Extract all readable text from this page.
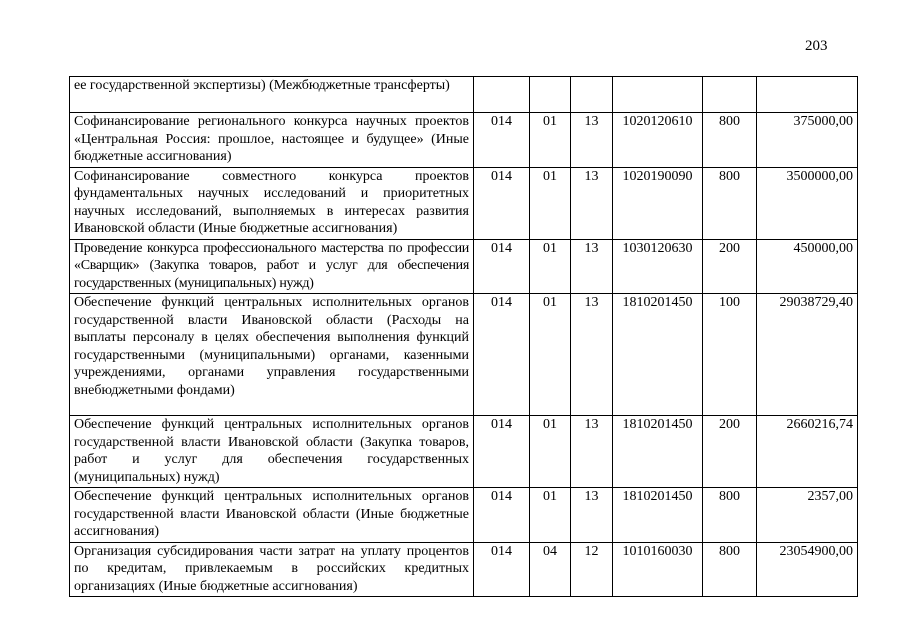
203
ее государственной экспертизы) (Межбюджетные трансферты)						
Софинансирование регионального конкурса научных проектов «Центральная Россия: прошлое, настоящее и будущее» (Иные бюджетные ассигнования)	014	01	13	1020120610	800	375000,00
Софинансирование совместного конкурса проектов фундаментальных научных исследований и приоритетных научных исследований, выполняемых в интересах развития Ивановской области (Иные бюджетные ассигнования)	014	01	13	1020190090	800	3500000,00
Проведение конкурса профессионального мастерства по профессии «Сварщик» (Закупка товаров, работ и услуг для обеспечения государственных (муниципальных) нужд)	014	01	13	1030120630	200	450000,00
Обеспечение функций центральных исполнительных органов государственной власти Ивановской области (Расходы на выплаты персоналу в целях обеспечения выполнения функций государственными (муниципальными) органами, казенными учреждениями, органами управления государственными внебюджетными фондами)	014	01	13	1810201450	100	29038729,40
Обеспечение функций центральных исполнительных органов государственной власти Ивановской области (Закупка товаров, работ и услуг для обеспечения государственных (муниципальных) нужд)	014	01	13	1810201450	200	2660216,74
Обеспечение функций центральных исполнительных органов государственной власти Ивановской области (Иные бюджетные ассигнования)	014	01	13	1810201450	800	2357,00
Организация субсидирования части затрат на уплату процентов по кредитам, привлекаемым в российских кредитных организациях (Иные бюджетные ассигнования)	014	04	12	1010160030	800	23054900,00
